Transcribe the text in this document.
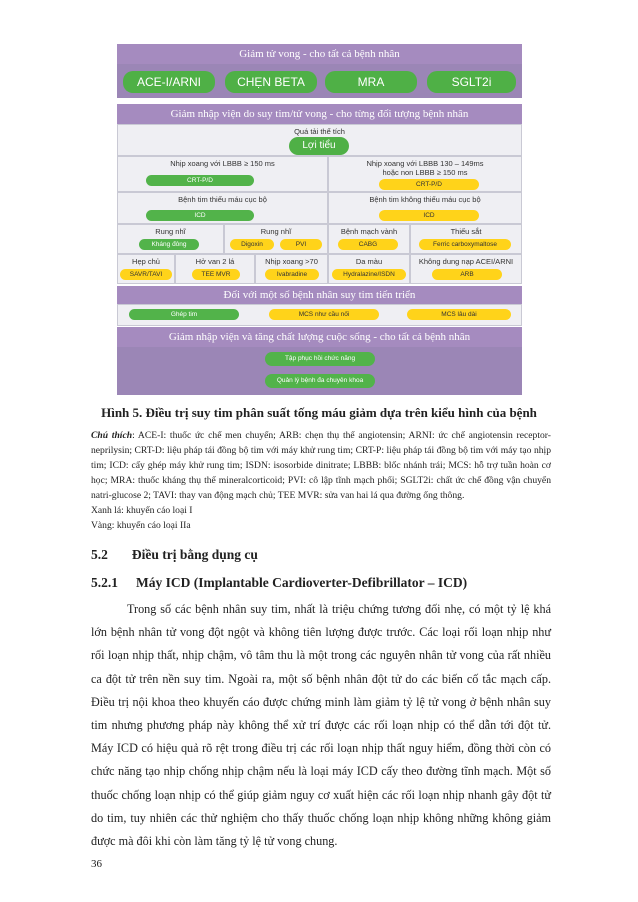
Giảm tử vong - cho tất cả bệnh nhân
ACE-I/ARNI	CHẸN BETA	MRA	SGLT2i
Giảm nhập viện do suy tim/tử vong - cho từng đối tượng bệnh nhân
Quá tải thể tích
Lợi tiểu
Nhịp xoang với LBBB ≥ 150 ms
CRT-P/D
Nhịp xoang với LBBB 130 – 149ms
hoặc non LBBB ≥ 150 ms
CRT-P/D
Bệnh tim thiếu máu cục bộ
ICD
Bệnh tim không thiếu máu cục bộ
ICD
Rung nhĩ
Kháng đông
Rung nhĩ
Digoxin	PVI
Bệnh mạch vành
CABG
Thiếu sắt
Ferric carboxymaltose
Hẹp chủ
SAVR/TAVI
Hở van 2 lá
TEE MVR
Nhịp xoang >70
Ivabradine
Da màu
Hydralazine/ISDN
Không dung nạp ACEI/ARNI
ARB
Đối với một số bệnh nhân suy tim tiến triển
Ghép tim	MCS như cầu nối	MCS lâu dài
Giảm nhập viện và tăng chất lượng cuộc sống - cho tất cả bệnh nhân
Tập phục hồi chức năng
Quản lý bệnh đa chuyên khoa
Hình 5. Điều trị suy tim phân suất tống máu giảm dựa trên kiểu hình của bệnh
Chú thích: ACE-I: thuốc ức chế men chuyển; ARB: chẹn thụ thể angiotensin; ARNI: ức chế angiotensin receptor-neprilysin; CRT-D: liệu pháp tái đồng bộ tim với máy khử rung tim; CRT-P: liệu pháp tái đồng bộ tim với máy tạo nhịp tim; ICD: cấy ghép máy khử rung tim; ISDN: isosorbide dinitrate; LBBB: blốc nhánh trái; MCS: hỗ trợ tuần hoàn cơ học; MRA: thuốc kháng thụ thể mineralcorticoid; PVI: cô lập tĩnh mạch phổi; SGLT2i: chất ức chế đồng vận chuyển natri-glucose 2; TAVI: thay van động mạch chủ; TEE MVR: sửa van hai lá qua đường ống thông.
Xanh lá: khuyến cáo loại I
Vàng: khuyến cáo loại IIa
5.2 Điều trị bằng dụng cụ
5.2.1 Máy ICD (Implantable Cardioverter-Defibrillator – ICD)
Trong số các bệnh nhân suy tim, nhất là triệu chứng tương đối nhẹ, có một tỷ lệ khá lớn bệnh nhân tử vong đột ngột và không tiên lượng được trước. Các loại rối loạn nhịp như rối loạn nhịp thất, nhịp chậm, vô tâm thu là một trong các nguyên nhân tử vong của rất nhiều ca đột tử trên nền suy tim. Ngoài ra, một số bệnh nhân đột tử do các biến cố tắc mạch cấp. Điều trị nội khoa theo khuyến cáo được chứng minh làm giảm tỷ lệ tử vong ở bệnh nhân suy tim nhưng phương pháp này không thể xử trí được các rối loạn nhịp có thể dẫn tới đột tử. Máy ICD có hiệu quả rõ rệt trong điều trị các rối loạn nhịp thất nguy hiểm, đồng thời còn có chức năng tạo nhịp chống nhịp chậm nếu là loại máy ICD cấy theo đường tĩnh mạch. Một số thuốc chống loạn nhịp có thể giúp giảm nguy cơ xuất hiện các rối loạn nhịp nhanh gây đột tử do tim, tuy nhiên các thử nghiệm cho thấy thuốc chống loạn nhịp không những không giảm được mà đôi khi còn làm tăng tỷ lệ tử vong chung.
36
